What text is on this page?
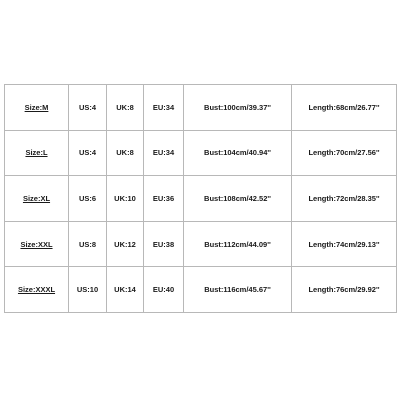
Size:M	US:4	UK:8	EU:34	Bust:100cm/39.37''	Length:68cm/26.77''
Size:L	US:4	UK:8	EU:34	Bust:104cm/40.94''	Length:70cm/27.56''
Size:XL	US:6	UK:10	EU:36	Bust:108cm/42.52''	Length:72cm/28.35''
Size:XXL	US:8	UK:12	EU:38	Bust:112cm/44.09''	Length:74cm/29.13''
Size:XXXL	US:10	UK:14	EU:40	Bust:116cm/45.67''	Length:76cm/29.92''
